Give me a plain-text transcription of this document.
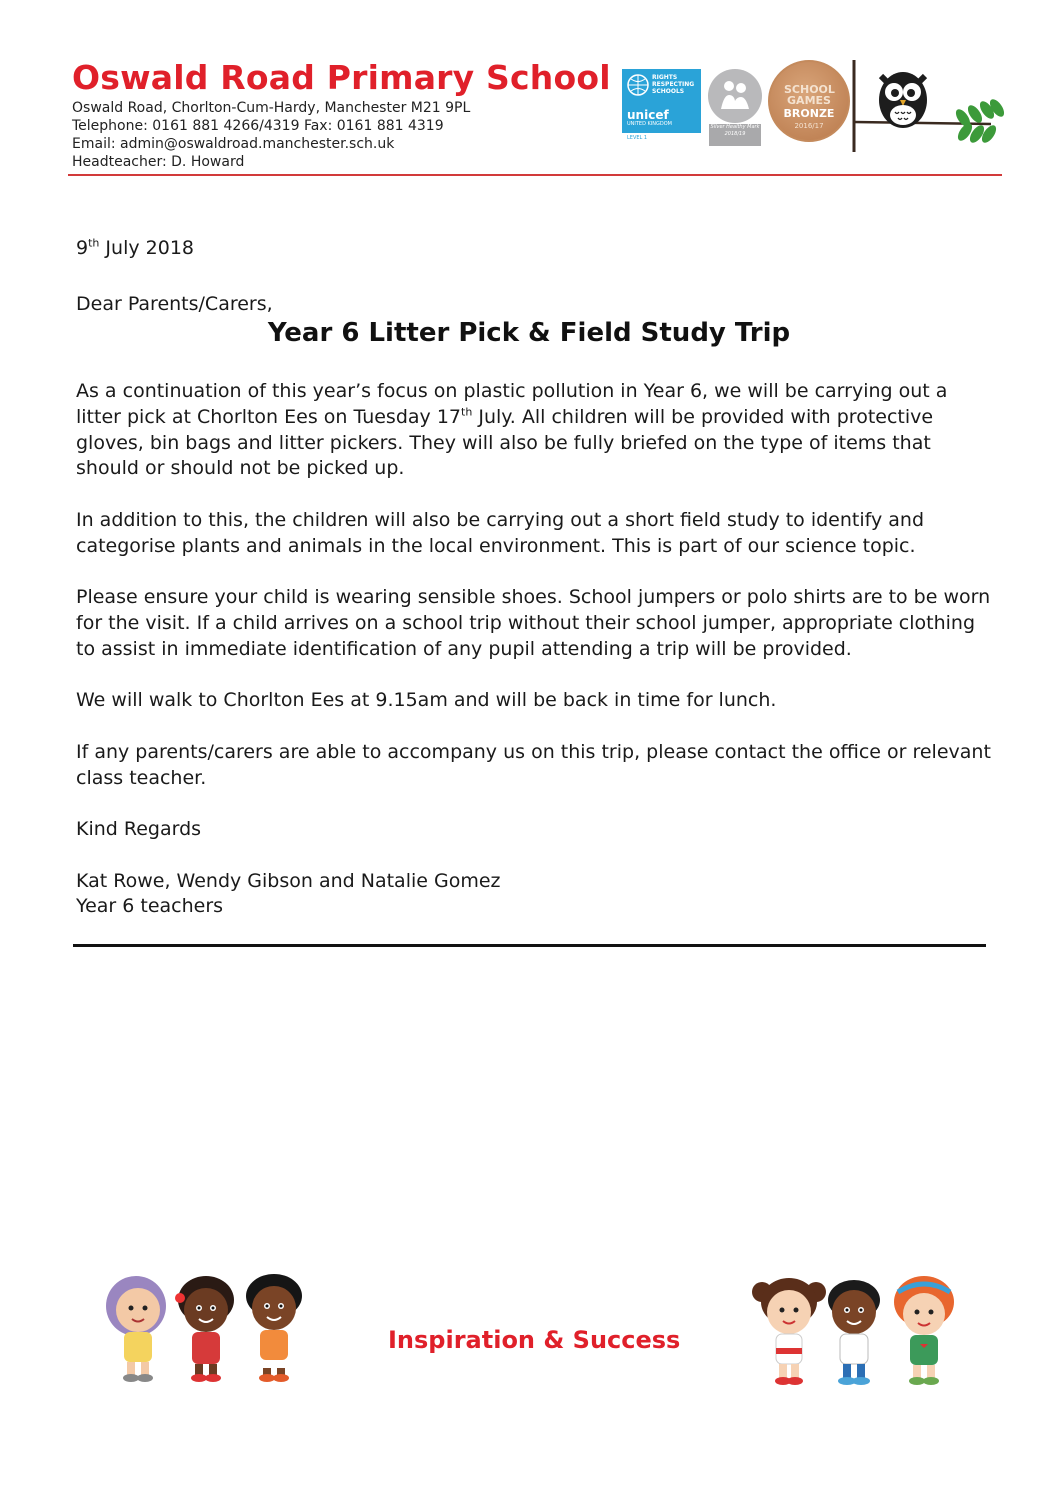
Oswald Road Primary School
Oswald Road, Chorlton-Cum-Hardy, Manchester M21 9PL
Telephone: 0161 881 4266/4319 Fax: 0161 881 4319
Email: admin@oswaldroad.manchester.sch.uk
Headteacher: D. Howard
RIGHTS RESPECTING SCHOOLS
unicef
UNITED KINGDOM
LEVEL 1
Silver Healthy Mark 2018/19
SCHOOL GAMES
BRONZE
2016/17
9th July 2018
Dear Parents/Carers,
Year 6 Litter Pick & Field Study Trip
As a continuation of this year’s focus on plastic pollution in Year 6, we will be carrying out a
litter pick at Chorlton Ees on Tuesday 17th July. All children will be provided with protective
gloves, bin bags and litter pickers. They will also be fully briefed on the type of items that
should or should not be picked up.
In addition to this, the children will also be carrying out a short field study to identify and
categorise plants and animals in the local environment. This is part of our science topic.
Please ensure your child is wearing sensible shoes. School jumpers or polo shirts are to be worn
for the visit. If a child arrives on a school trip without their school jumper, appropriate clothing
to assist in immediate identification of any pupil attending a trip will be provided.
We will walk to Chorlton Ees at 9.15am and will be back in time for lunch.
If any parents/carers are able to accompany us on this trip, please contact the office or relevant
class teacher.
Kind Regards
Kat Rowe, Wendy Gibson and Natalie Gomez
Year 6 teachers
Inspiration & Success
